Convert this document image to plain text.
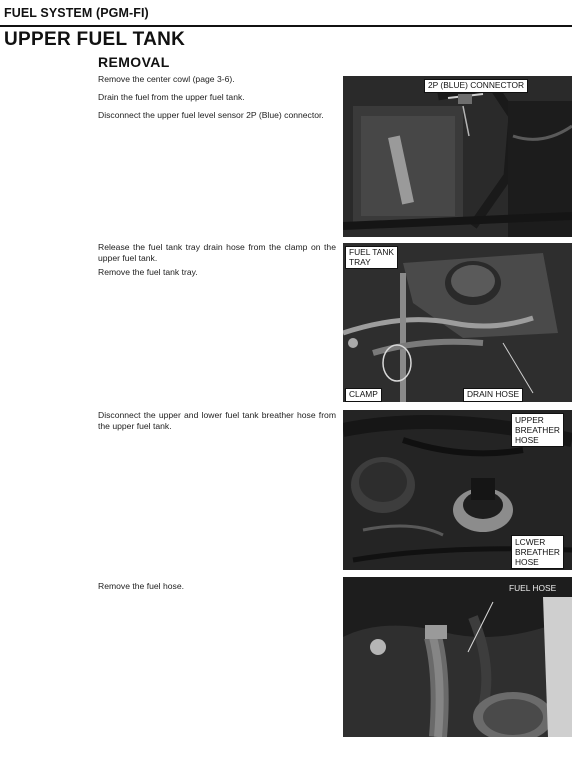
FUEL SYSTEM (PGM-FI)
UPPER FUEL TANK
REMOVAL
Remove the center cowl (page 3-6).
Drain the fuel from the upper fuel tank.
Disconnect the upper fuel level sensor 2P (Blue) connector.
Release the fuel tank tray drain hose from the clamp on the upper fuel tank.
Remove the fuel tank tray.
Disconnect the upper and lower fuel tank breather hose from the upper fuel tank.
Remove the fuel hose.
2P (BLUE) CONNECTOR
FUEL TANK
TRAY
CLAMP	DRAIN HOSE
UPPER
BREATHER
HOSE
LCWER
BREATHER
HOSE
FUEL HOSE
